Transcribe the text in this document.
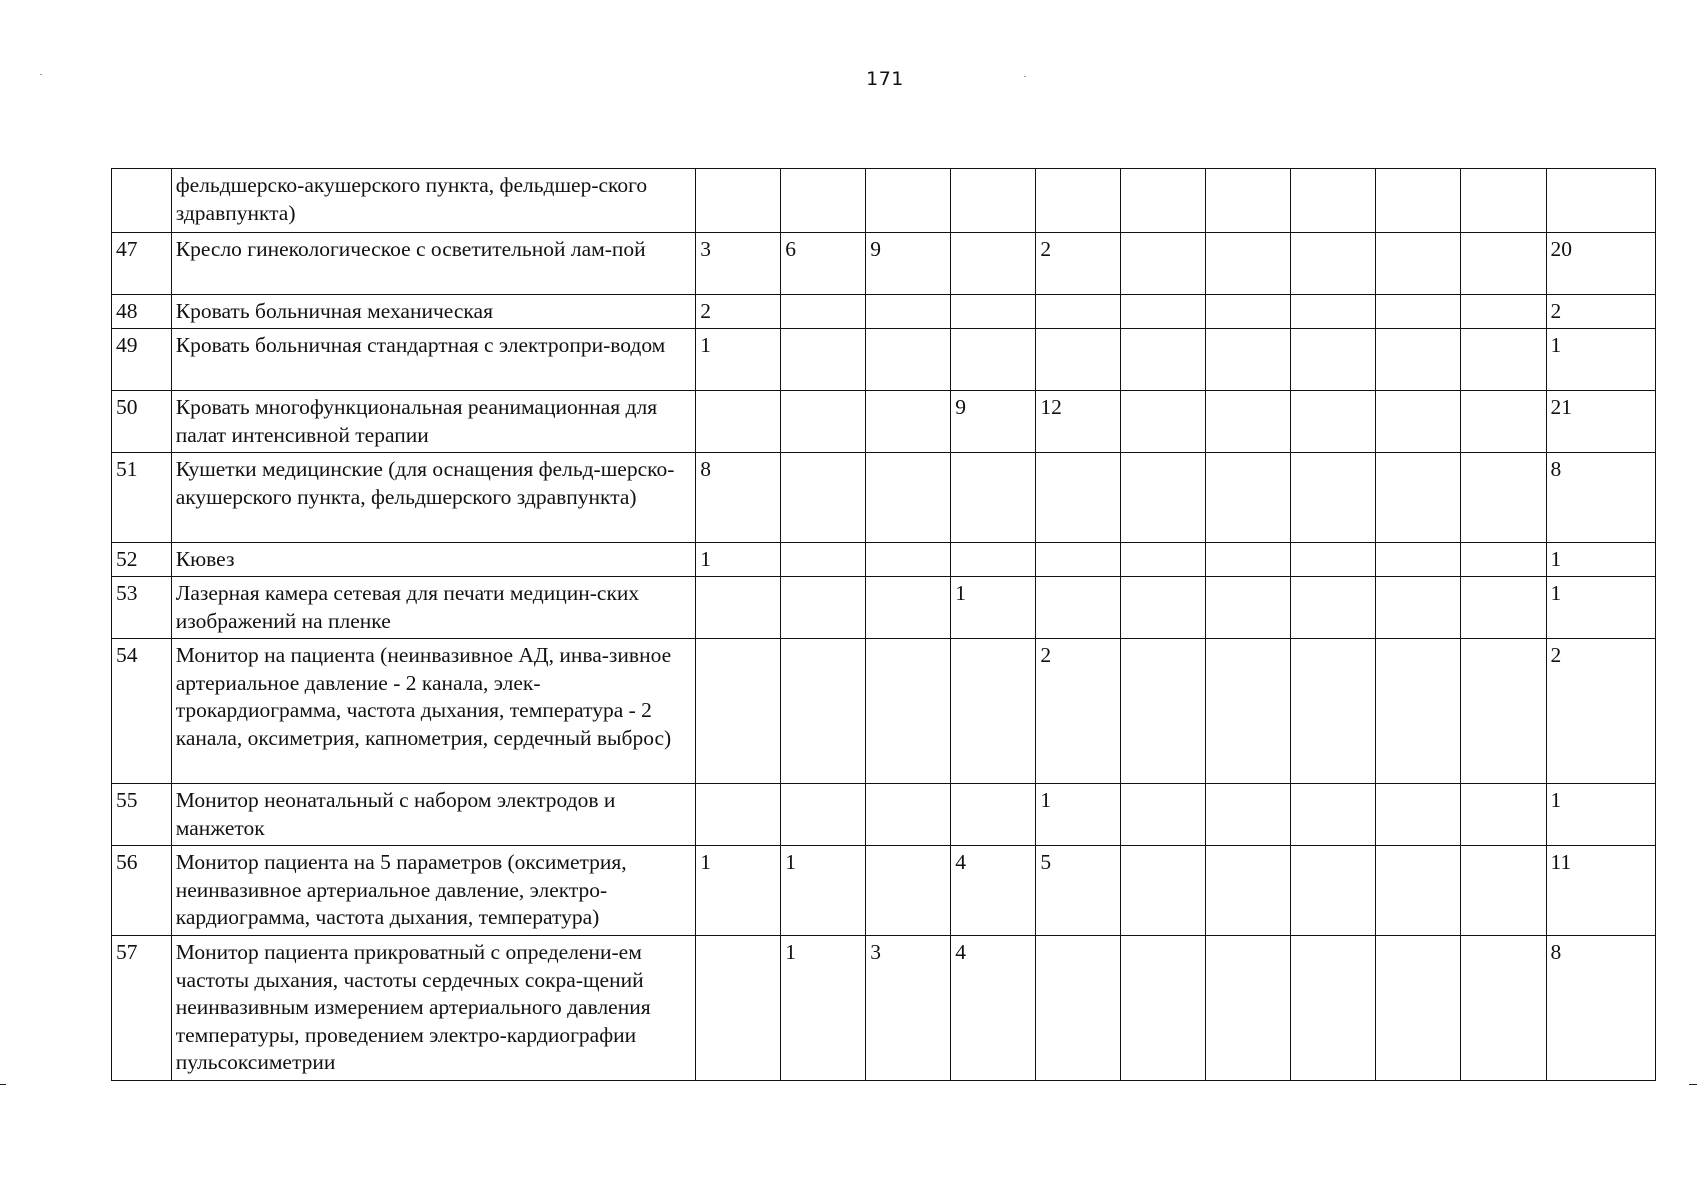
171
	фельдшерско-акушерского пункта, фельдшер-ского здравпункта)											
47	Кресло гинекологическое с осветительной лам-пой	3	6	9		2						20
48	Кровать больничная механическая	2										2
49	Кровать больничная стандартная с электропри-водом	1										1
50	Кровать многофункциональная реанимационная для палат интенсивной терапии				9	12						21
51	Кушетки медицинские (для оснащения фельд-шерско-акушерского пункта, фельдшерского здравпункта)	8										8
52	Кювез	1										1
53	Лазерная камера сетевая для печати медицин-ских изображений на пленке				1							1
54	Монитор на пациента (неинвазивное АД, инва-зивное артериальное давление - 2 канала, элек-трокардиограмма, частота дыхания, температура - 2 канала, оксиметрия, капнометрия, сердечный выброс)					2						2
55	Монитор неонатальный с набором электродов и манжеток					1						1
56	Монитор пациента на 5 параметров (оксиметрия, неинвазивное артериальное давление, электро-кардиограмма, частота дыхания, температура)	1	1		4	5						11
57	Монитор пациента прикроватный с определени-ем частоты дыхания, частоты сердечных сокра-щений неинвазивным измерением артериального давления температуры, проведением электро-кардиографии пульсоксиметрии		1	3	4							8
